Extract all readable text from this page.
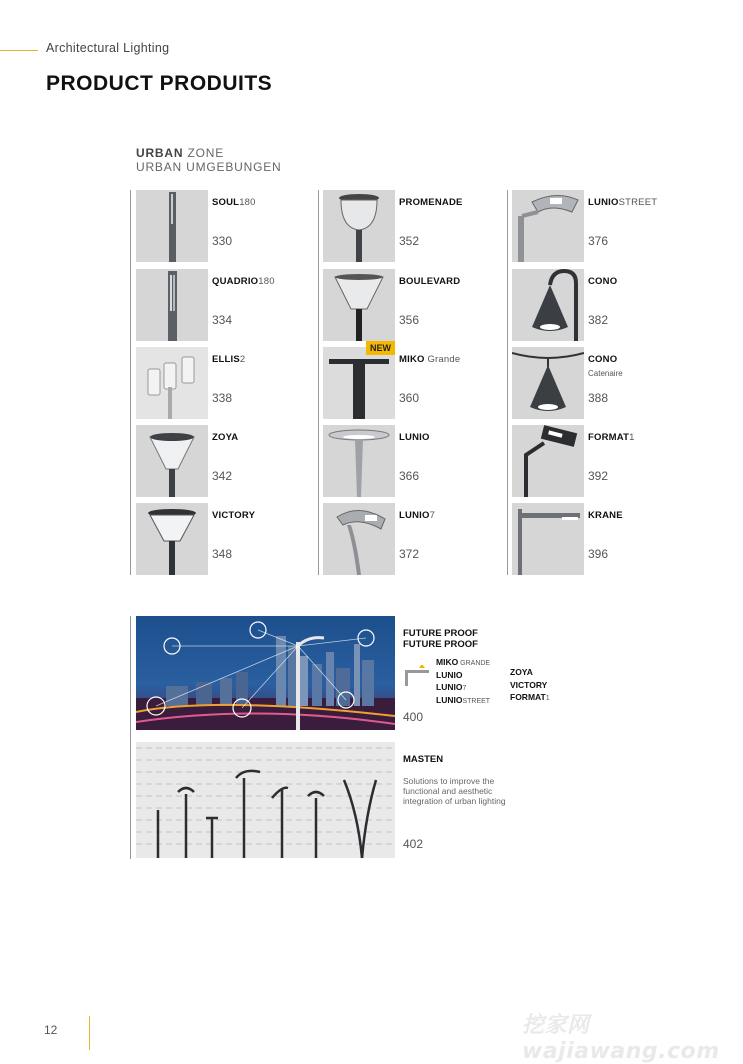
Architectural Lighting
PRODUCT PRODUITS
URBAN ZONE
URBAN UMGEBUNGEN
SOUL180
330
QUADRIO180
334
ELLIS2
338
ZOYA
342
VICTORY
348
PROMENADE
352
BOULEVARD
356
NEW
MIKO Grande
360
LUNIO
366
LUNIO7
372
LUNIOSTREET
376
CONO
382
CONO
Catenaire
388
FORMAT1
392
KRANE
396
FUTURE PROOF
FUTURE PROOF
MIKO GRANDE
LUNIO
LUNIO7
LUNIOSTREET
ZOYA
VICTORY
FORMAT1
400
MASTEN
Solutions to improve the functional and aesthetic integration of urban lighting
402
12	挖家网 wajiawang.com
